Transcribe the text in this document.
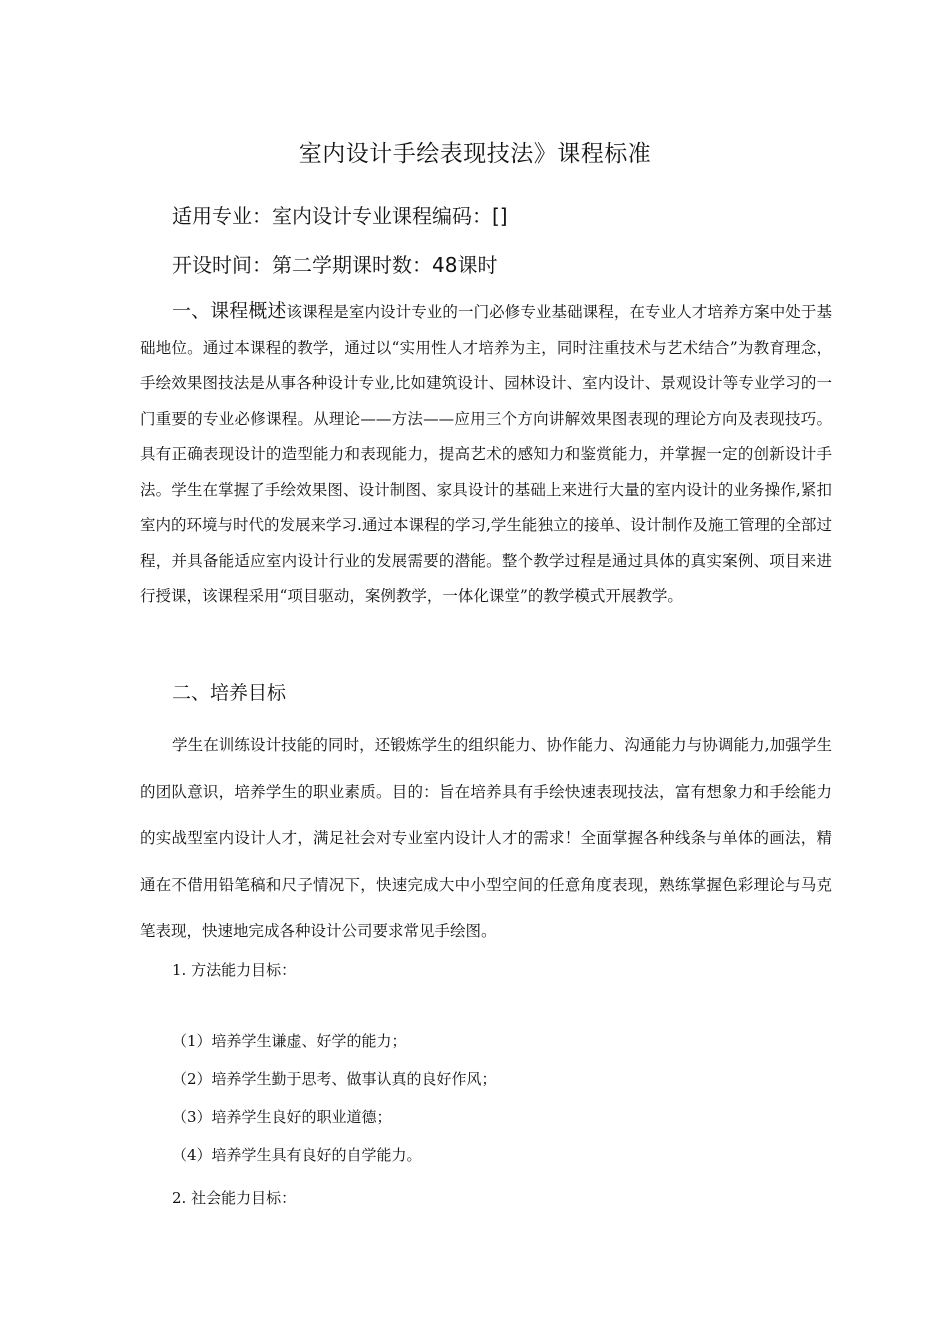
室内设计手绘表现技法》课程标准
适用专业：室内设计专业课程编码：[]
开设时间：第二学期课时数：48课时
一、课程概述该课程是室内设计专业的一门必修专业基础课程，在专业人才培养方案中处于基础地位。通过本课程的教学，通过以“实用性人才培养为主，同时注重技术与艺术结合”为教育理念，手绘效果图技法是从事各种设计专业,比如建筑设计、园林设计、室内设计、景观设计等专业学习的一门重要的专业必修课程。从理论——方法——应用三个方向讲解效果图表现的理论方向及表现技巧。具有正确表现设计的造型能力和表现能力，提高艺术的感知力和鉴赏能力，并掌握一定的创新设计手法。学生在掌握了手绘效果图、设计制图、家具设计的基础上来进行大量的室内设计的业务操作,紧扣室内的环境与时代的发展来学习.通过本课程的学习,学生能独立的接单、设计制作及施工管理的全部过程，并具备能适应室内设计行业的发展需要的潜能。整个教学过程是通过具体的真实案例、项目来进行授课，该课程采用“项目驱动，案例教学，一体化课堂”的教学模式开展教学。
二、培养目标
学生在训练设计技能的同时，还锻炼学生的组织能力、协作能力、沟通能力与协调能力,加强学生的团队意识，培养学生的职业素质。目的：旨在培养具有手绘快速表现技法，富有想象力和手绘能力的实战型室内设计人才，满足社会对专业室内设计人才的需求！全面掌握各种线条与单体的画法，精通在不借用铅笔稿和尺子情况下，快速完成大中小型空间的任意角度表现，熟练掌握色彩理论与马克笔表现，快速地完成各种设计公司要求常见手绘图。
1. 方法能力目标：
（1）培养学生谦虚、好学的能力；
（2）培养学生勤于思考、做事认真的良好作风；
（3）培养学生良好的职业道德；
（4）培养学生具有良好的自学能力。
2. 社会能力目标：
